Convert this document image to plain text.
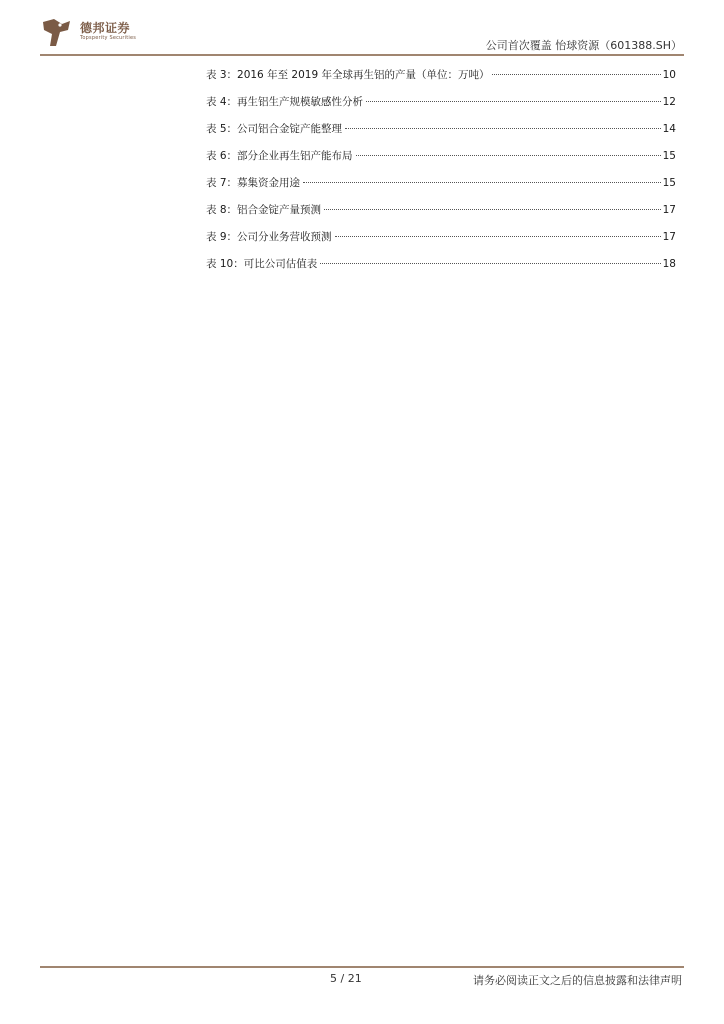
德邦证券
Topsperity Securities
公司首次覆盖 怡球资源（601388.SH）
表 3：2016 年至 2019 年全球再生铝的产量（单位：万吨）	10
表 4：再生铝生产规模敏感性分析	12
表 5：公司铝合金锭产能整理	14
表 6：部分企业再生铝产能布局	15
表 7：募集资金用途	15
表 8：铝合金锭产量预测	17
表 9：公司分业务营收预测	17
表 10：可比公司估值表	18
5 / 21	请务必阅读正文之后的信息披露和法律声明
